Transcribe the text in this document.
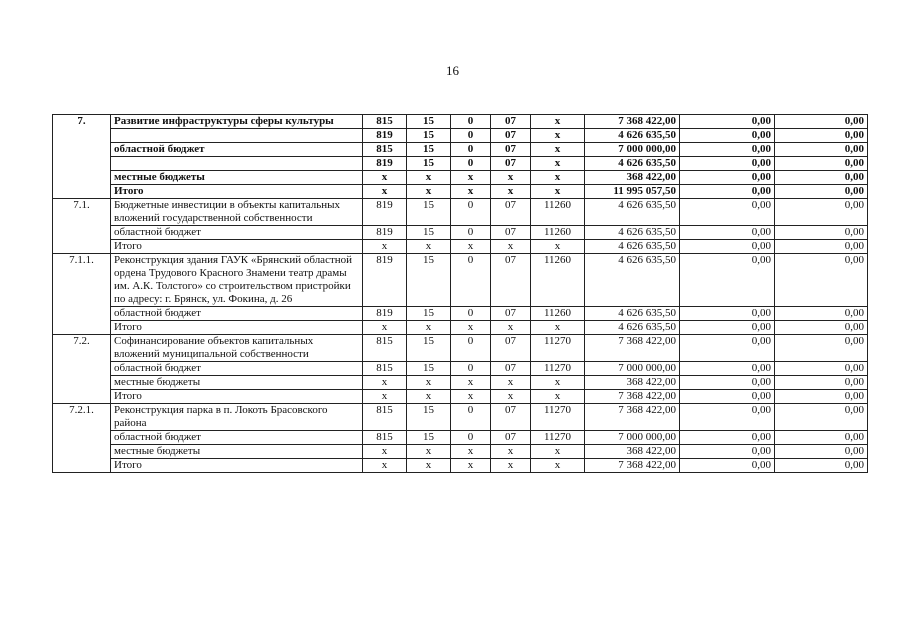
16
7.	Развитие инфраструктуры сферы культуры	815	15	0	07	x	7 368 422,00	0,00	0,00
		819	15	0	07	x	4 626 635,50	0,00	0,00
	областной бюджет	815	15	0	07	x	7 000 000,00	0,00	0,00
		819	15	0	07	x	4 626 635,50	0,00	0,00
	местные бюджеты	x	x	x	x	x	368 422,00	0,00	0,00
	Итого	x	x	x	x	x	11 995 057,50	0,00	0,00
7.1.	Бюджетные инвестиции в объекты капитальных вложений государственной собственности	819	15	0	07	11260	4 626 635,50	0,00	0,00
	областной бюджет	819	15	0	07	11260	4 626 635,50	0,00	0,00
	Итого	x	x	x	x	x	4 626 635,50	0,00	0,00
7.1.1.	Реконструкция здания ГАУК «Брянский областной ордена Трудового Красного Знамени театр драмы им. А.К. Толстого» со строительством пристройки по адресу: г. Брянск, ул. Фокина, д. 26	819	15	0	07	11260	4 626 635,50	0,00	0,00
	областной бюджет	819	15	0	07	11260	4 626 635,50	0,00	0,00
	Итого	x	x	x	x	x	4 626 635,50	0,00	0,00
7.2.	Софинансирование объектов капитальных вложений муниципальной собственности	815	15	0	07	11270	7 368 422,00	0,00	0,00
	областной бюджет	815	15	0	07	11270	7 000 000,00	0,00	0,00
	местные бюджеты	x	x	x	x	x	368 422,00	0,00	0,00
	Итого	x	x	x	x	x	7 368 422,00	0,00	0,00
7.2.1.	Реконструкция парка в п. Локоть Брасовского района	815	15	0	07	11270	7 368 422,00	0,00	0,00
	областной бюджет	815	15	0	07	11270	7 000 000,00	0,00	0,00
	местные бюджеты	x	x	x	x	x	368 422,00	0,00	0,00
	Итого	x	x	x	x	x	7 368 422,00	0,00	0,00
